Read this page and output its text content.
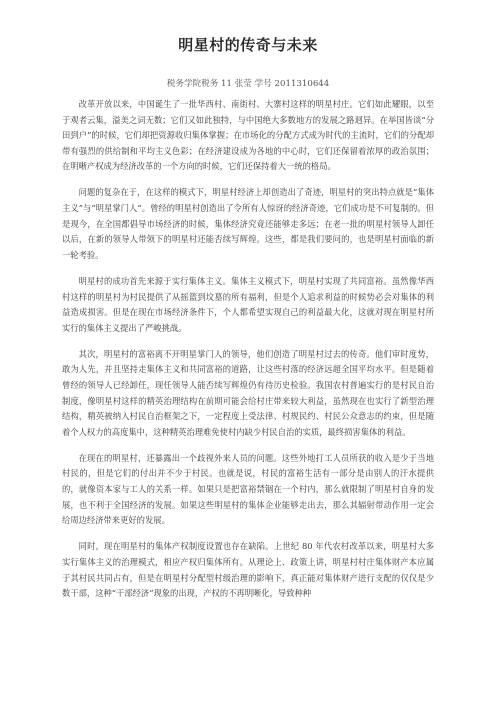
明星村的传奇与未来
税务学院税务 11 张莹 学号 2011310644

改革开放以来，中国诞生了一批华西村、南街村、大寨村这样的明星村庄。它们如此耀眼，以至于观者云集，溢美之词无数；它们又如此独特，与中国绝大多数地方的发展之路迥异。在举国皆谈“分田到户”的时候，它们却把资源收归集体掌握；在市场化的分配方式成为时代的主流时，它们的分配却带有强烈的供给制和平均主义色彩；在经济建设成为各地的中心时，它们还保留着浓厚的政治氛围；在明晰产权成为经济改革的一个方向的时候，它们还保持着大一统的格局。

问题的复杂在于，在这样的模式下，明星村经济上却创造出了奇迹，明星村的突出特点就是“集体主义”与“明星掌门人”。曾经的明星村创造出了令所有人惊讶的经济奇迹，它们成功是不可复制的。但是现今，在全国都倡导市场经济的时候，集体经济究竟还能够走多远；在老一批的明星村领导人卸任以后，在新的领导人带领下的明星村还能否续写辉煌。这些，都是我们要问的，也是明星村面临的新一轮考验。

明星村的成功首先来源于实行集体主义。集体主义模式下，明星村实现了共同富裕。虽然像华西村这样的明星村为村民提供了从摇篮到坟墓的所有福利，但是个人追求利益的时候势必会对集体的利益造成损害。但是在现在市场经济条件下，个人都希望实现自己的利益最大化，这就对现在明星村所实行的集体主义提出了严峻挑战。

其次，明星村的富裕离不开明星掌门人的领导，他们创造了明星村过去的传奇。他们审时度势，敢为人先，并且坚持走集体主义和共同富裕的道路，让这些村落的经济远超全国平均水平。但是随着曾经的领导人已经卸任，现任领导人能否续写辉煌仍有待历史检验。我国农村普遍实行的是村民自治制度，像明星村这样的精英治理结构在前期可能会给村庄带来较大利益，虽然现在也实行了新型治理结构，精英被纳入村民自治框架之下，一定程度上受法律、村规民约、村民公众意志的约束，但是随着个人权力的高度集中，这种精英治理难免使村内缺少村民自治的实质，最终损害集体的利益。

在现在的明星村，还暴露出一个歧视外来人员的问题。这些外地打工人员所获的收入是少于当地村民的，但是它们的付出并不少于村民。也就是说，村民的富裕生活有一部分是由别人的汗水提供的，就像资本家与工人的关系一样。如果只是把富裕禁锢在一个村内，那么就限制了明星村自身的发展，也不利于全国经济的发展。如果这些明星村的集体企业能够走出去，那么其辐射带动作用一定会给周边经济带来更好的发展。

同时，现在明星村的集体产权制度设置也存在缺陷。上世纪 80 年代农村改革以来，明星村大多实行集体主义的治理模式，相应产权归集体所有。从理论上、政策上讲，明星村村庄集体财产本应属于其村民共同占有，但是在明星村分配型村级治理的影响下，真正能对集体财产进行支配的仅仅是少数干部，这种“干部经济”现象的出现，产权的不再明晰化，导致种种
